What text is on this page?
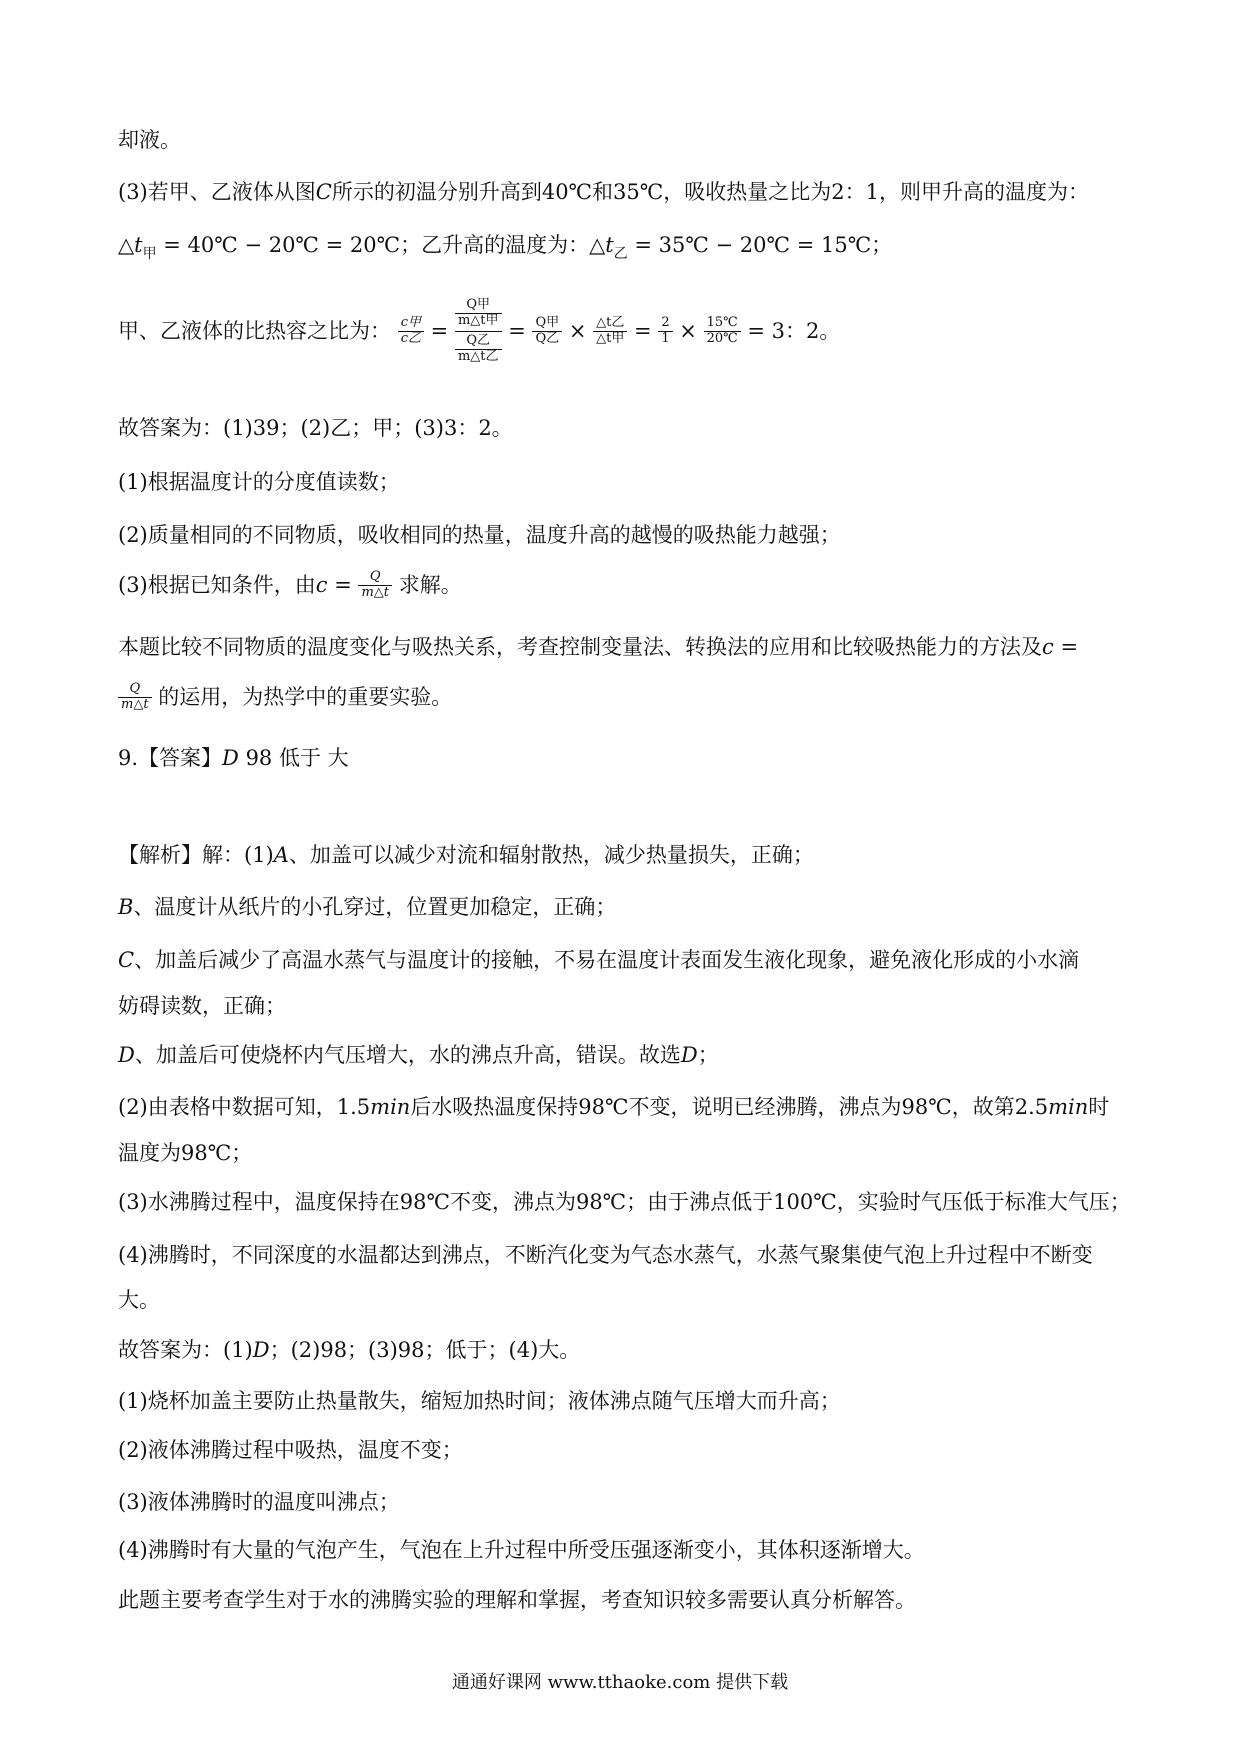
却液。
(3)若甲、乙液体从图C所示的初温分别升高到40℃和35℃，吸收热量之比为2：1，则甲升高的温度为：
$\triangle t_甲$ = 40℃ − 20℃ = 20℃；乙升高的温度为：$\triangle t_乙$ = 35℃ − 20℃ = 15℃；
甲、乙液体的比热容之比为： $\frac{\text{c甲}}{\text{c乙}}$ =
$\frac{\text{Q甲}}{\text{m△t甲}}$
$\frac{\text{Q乙}}{\text{m△t乙}}$
= $\frac{\text{Q甲}}{\text{Q乙}} \times \frac{\text{△t乙}}{\text{△t甲}} = \frac{2}{1} \times \frac{15℃}{20℃} = 3$：2。
故答案为：(1)39；(2)乙；甲；(3)3：2。
(1)根据温度计的分度值读数；
(2)质量相同的不同物质，吸收相同的热量，温度升高的越慢的吸热能力越强；
(3)根据已知条件，由$c = \frac{Q}{m\triangle t}$ 求解。
本题比较不同物质的温度变化与吸热关系，考查控制变量法、转换法的应用和比较吸热能力的方法及c =
$\frac{Q}{m\triangle t}$ 的运用，为热学中的重要实验。
9.【答案】D 98 低于 大
【解析】解：(1)A、加盖可以减少对流和辐射散热，减少热量损失，正确；
B、温度计从纸片的小孔穿过，位置更加稳定，正确；
C、加盖后减少了高温水蒸气与温度计的接触，不易在温度计表面发生液化现象，避免液化形成的小水滴
妨碍读数，正确；
D、加盖后可使烧杯内气压增大，水的沸点升高，错误。故选D；
(2)由表格中数据可知，1.5min后水吸热温度保持98℃不变，说明已经沸腾，沸点为98℃，故第2.5min时
温度为98℃；
(3)水沸腾过程中，温度保持在98℃不变，沸点为98℃；由于沸点低于100℃，实验时气压低于标准大气压；
(4)沸腾时，不同深度的水温都达到沸点，不断汽化变为气态水蒸气，水蒸气聚集使气泡上升过程中不断变
大。
故答案为：(1)D；(2)98；(3)98；低于；(4)大。
(1)烧杯加盖主要防止热量散失，缩短加热时间；液体沸点随气压增大而升高；
(2)液体沸腾过程中吸热，温度不变；
(3)液体沸腾时的温度叫沸点；
(4)沸腾时有大量的气泡产生，气泡在上升过程中所受压强逐渐变小，其体积逐渐增大。
此题主要考查学生对于水的沸腾实验的理解和掌握，考查知识较多需要认真分析解答。
通通好课网 www.tthaoke.com 提供下载
